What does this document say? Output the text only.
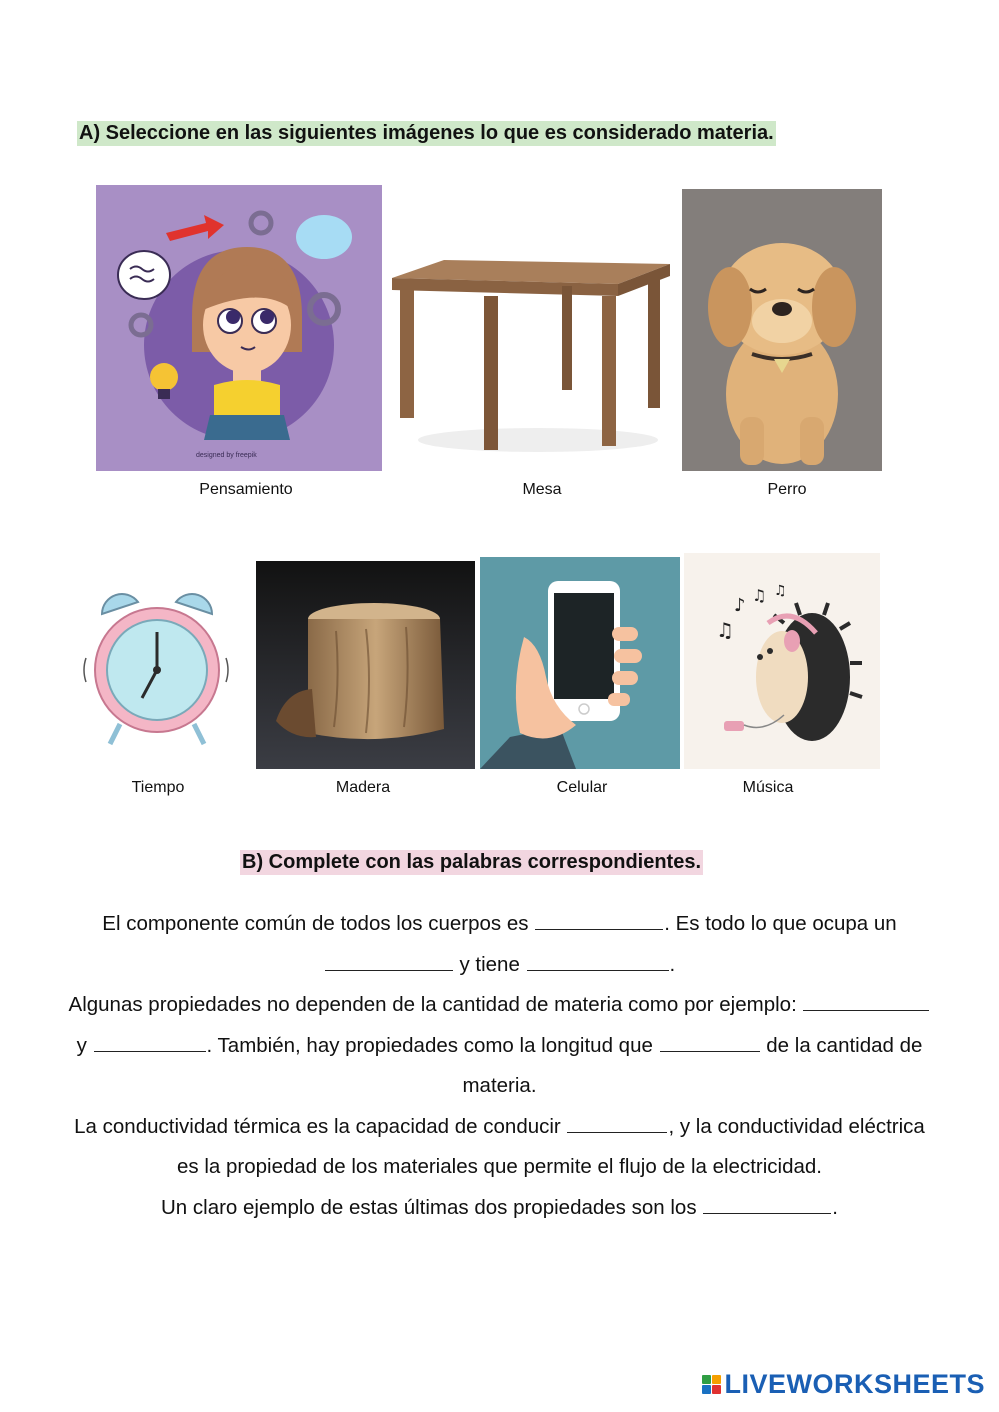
A) Seleccione en las siguientes imágenes lo que es considerado materia.
designed by freepik
Pensamiento	Mesa	Perro
Tiempo	Madera	Celular
♫
♪ ♫ ♫
Música
B) Complete con las palabras correspondientes.
El componente común de todos los cuerpos es	. Es todo lo que ocupa un
y tiene	.
Algunas propiedades no dependen de la cantidad de materia como por ejemplo:
y	. También, hay propiedades como la longitud que	de la cantidad de
materia.
La conductividad térmica es la capacidad de conducir	, y la conductividad eléctrica
es la propiedad de los materiales que permite el flujo de la electricidad.
Un claro ejemplo de estas últimas dos propiedades son los	.
LIVEWORKSHEETS
